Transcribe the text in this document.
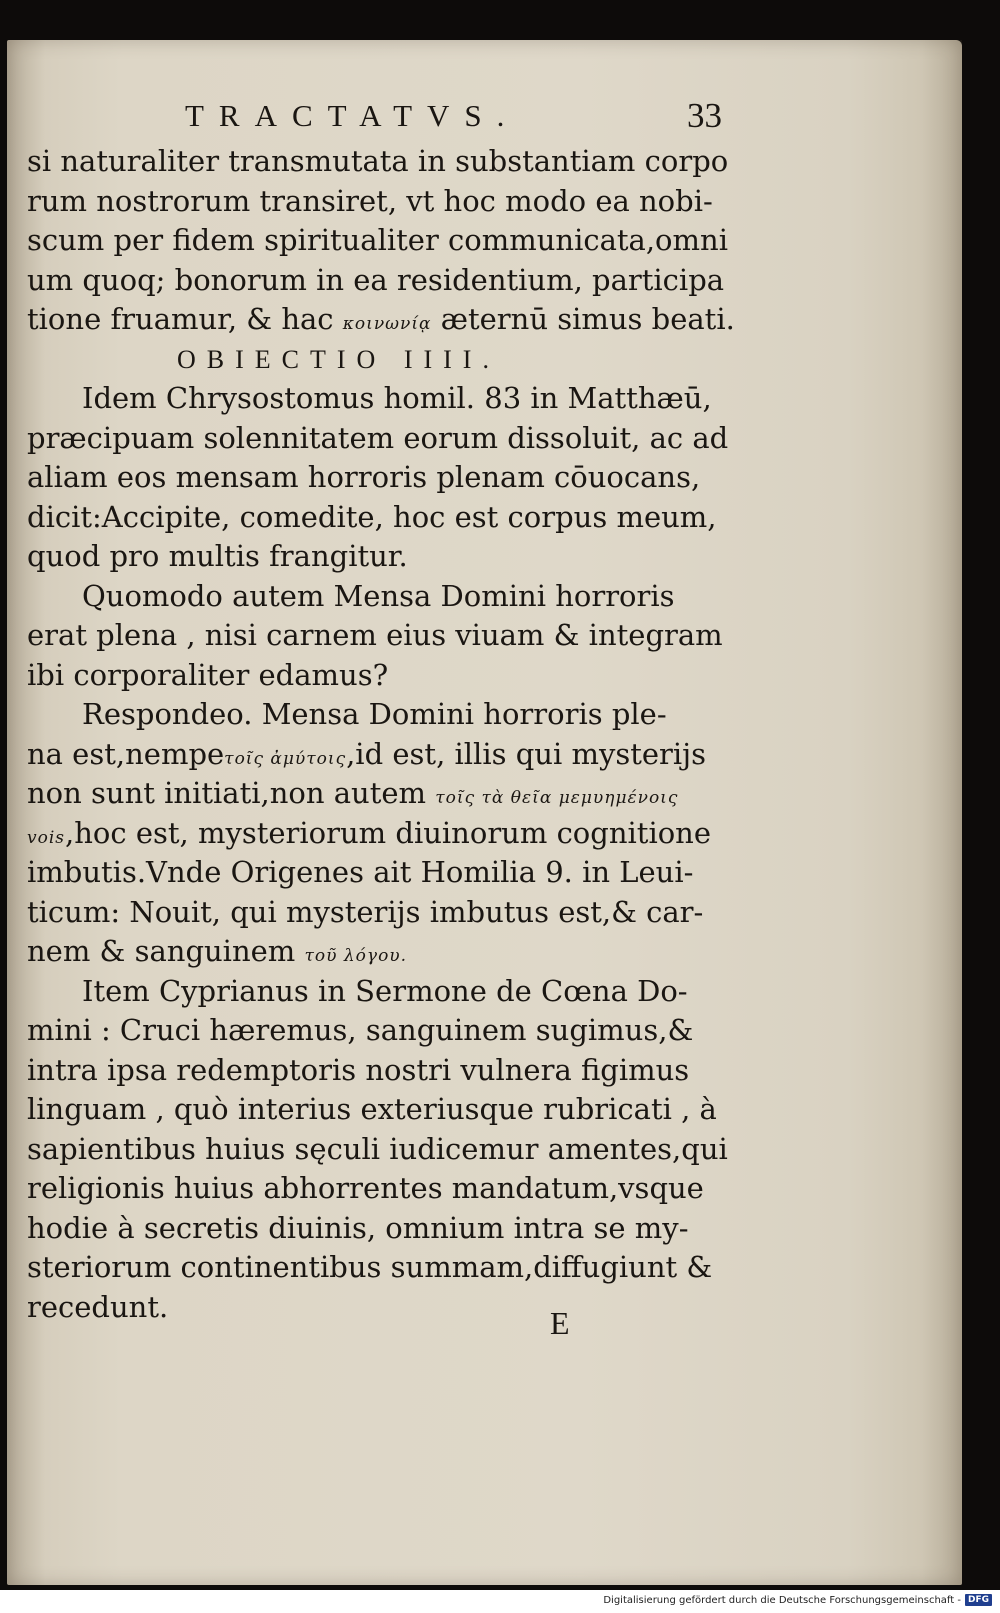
TRACTATVS.	33
si naturaliter transmutata in substantiam corpo
rum nostrorum transiret, vt hoc modo ea nobi-
scum per fidem spiritualiter communicata,omni
um quoq; bonorum in ea residentium, participa
tione fruamur, & hac κοινωνίᾳ æternū simus beati.
OBIECTIO IIII.
Idem Chrysostomus homil. 83 in Matthæū,
præcipuam solennitatem eorum dissoluit, ac ad
aliam eos mensam horroris plenam cōuocans,
dicit:Accipite, comedite, hoc est corpus meum,
quod pro multis frangitur.
Quomodo autem Mensa Domini horroris
erat plena , nisi carnem eius viuam & integram
ibi corporaliter edamus?
Respondeo. Mensa Domini horroris ple-
na est,nempeτοῖς ἀμύτοις,id est, illis qui mysterijs
non sunt initiati,non autem τοῖς τὰ θεῖα μεμυημένοις
vois,hoc est, mysteriorum diuinorum cognitione
imbutis.Vnde Origenes ait Homilia 9. in Leui-
ticum: Nouit, qui mysterijs imbutus est,& car-
nem & sanguinem τοῦ λόγου.
Item Cyprianus in Sermone de Cœna Do-
mini : Cruci hæremus, sanguinem sugimus,&
intra ipsa redemptoris nostri vulnera figimus
linguam , quò interius exteriusque rubricati , à
sapientibus huius sęculi iudicemur amentes,qui
religionis huius abhorrentes mandatum,vsque
hodie à secretis diuinis, omnium intra se my-
steriorum continentibus summam,diffugiunt &
recedunt.	E
Digitalisierung gefördert durch die Deutsche Forschungsgemeinschaft - DFG
